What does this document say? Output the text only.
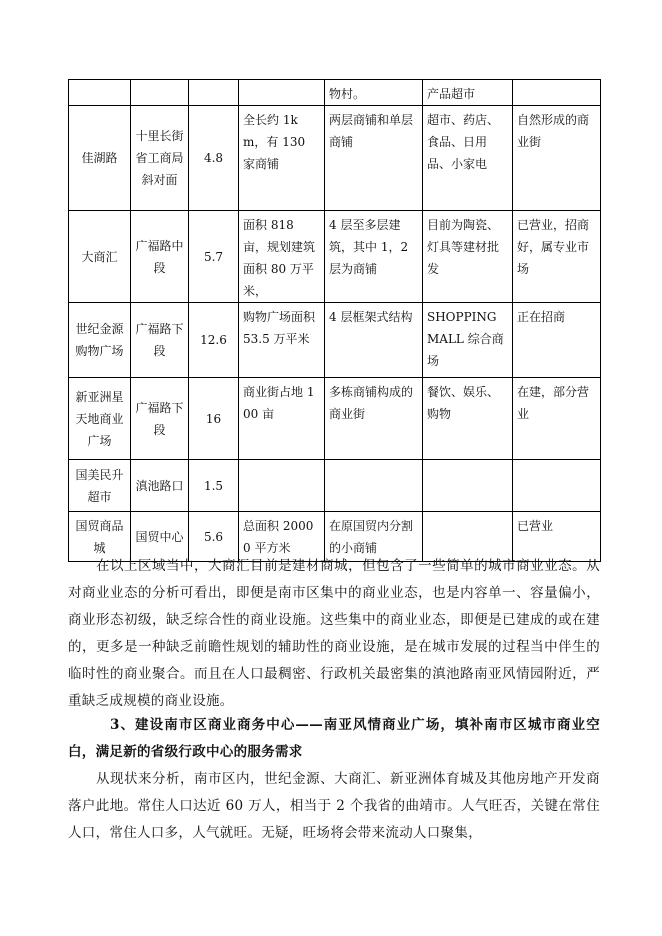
				物村。	产品超市	
佳湖路	十里长街省工商局斜对面	4.8	全长约 1km，有 130 家商铺	两层商铺和单层商铺	超市、药店、食品、日用品、小家电	自然形成的商业街
大商汇	广福路中段	5.7	面积 818 亩，规划建筑面积 80 万平米，	4 层至多层建筑，其中 1，2 层为商铺	目前为陶瓷、灯具等建材批发	已营业，招商好，属专业市场
世纪金源购物广场	广福路下段	12.6	购物广场面积 53.5 万平米	4 层框架式结构	SHOPPING MALL 综合商场	正在招商
新亚洲星天地商业广场	广福路下段	16	商业街占地 100 亩	多栋商铺构成的商业街	餐饮、娱乐、购物	在建，部分营业
国美民升超市	滇池路口	1.5				
国贸商品城	国贸中心	5.6	总面积 20000 平方米	在原国贸内分割的小商铺		已营业

在以上区域当中，大商汇目前是建材商城，但包含了一些简单的城市商业业态。从对商业业态的分析可看出，即便是南市区集中的商业业态，也是内容单一、容量偏小，商业形态初级，缺乏综合性的商业设施。这些集中的商业业态，即便是已建成的或在建的，更多是一种缺乏前瞻性规划的辅助性的商业设施，是在城市发展的过程当中伴生的临时性的商业聚合。而且在人口最稠密、行政机关最密集的滇池路南亚风情园附近，严重缺乏成规模的商业设施。

3、建设南市区商业商务中心——南亚风情商业广场，填补南市区城市商业空白，满足新的省级行政中心的服务需求

从现状来分析，南市区内，世纪金源、大商汇、新亚洲体育城及其他房地产开发商落户此地。常住人口达近 60 万人，相当于 2 个我省的曲靖市。人气旺否，关键在常住人口，常住人口多，人气就旺。无疑，旺场将会带来流动人口聚集，
